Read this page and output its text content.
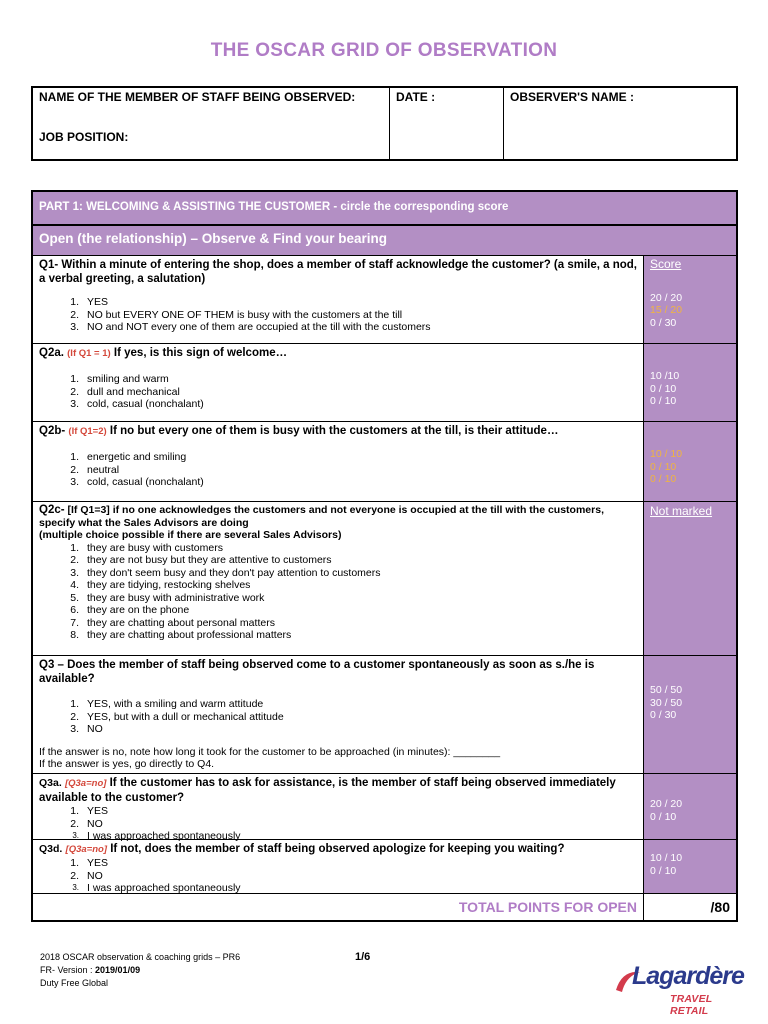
THE OSCAR GRID OF OBSERVATION
NAME OF THE MEMBER OF STAFF BEING OBSERVED:
JOB POSITION:
DATE :	OBSERVER'S NAME :
PART 1: WELCOMING & ASSISTING THE CUSTOMER - circle the corresponding score
Open (the relationship) – Observe & Find your bearing
Q1- Within a minute of entering the shop, does a member of staff acknowledge the customer? (a smile, a nod, a verbal greeting, a salutation)
1. YES
2. NO but EVERY ONE OF THEM is busy with the customers at the till
3. NO and NOT every one of them are occupied at the till with the customers
Score
20 / 20
15 / 20
0 / 30
Q2a. (If Q1 = 1) If yes, is this sign of welcome…
1. smiling and warm
2. dull and mechanical
3. cold, casual (nonchalant)
10 /10
0 / 10
0 / 10
Q2b- (If Q1=2) If no but every one of them is busy with the customers at the till, is their attitude…
1. energetic and smiling
2. neutral
3. cold, casual (nonchalant)
10 / 10
0 / 10
0 / 10
Q2c- [If Q1=3] if no one acknowledges the customers and not everyone is occupied at the till with the customers, specify what the Sales Advisors are doing
(multiple choice possible if there are several Sales Advisors)
1. they are busy with customers
2. they are not busy but they are attentive to customers
3. they don't seem busy and they don't pay attention to customers
4. they are tidying, restocking shelves
5. they are busy with administrative work
6. they are on the phone
7. they are chatting about personal matters
8. they are chatting about professional matters
Not marked
Q3 – Does the member of staff being observed come to a customer spontaneously as soon as s./he is available?
1. YES, with a smiling and warm attitude
2. YES, but with a dull or mechanical attitude
3. NO
If the answer is no, note how long it took for the customer to be approached (in minutes): ________
If the answer is yes, go directly to Q4.
50 / 50
30 / 50
0 / 30
Q3a. [Q3a=no] If the customer has to ask for assistance, is the member of staff being observed immediately available to the customer?
1. YES
2. NO
3. I was approached spontaneously
20 / 20
0 / 10
Q3d. [Q3a=no] If not, does the member of staff being observed apologize for keeping you waiting?
1. YES
2. NO
3. I was approached spontaneously
10 / 10
0 / 10
TOTAL POINTS FOR OPEN	/80
2018 OSCAR observation & coaching grids – PR6
FR- Version : 2019/01/09
Duty Free Global
1/6
Lagardère
TRAVEL RETAIL
